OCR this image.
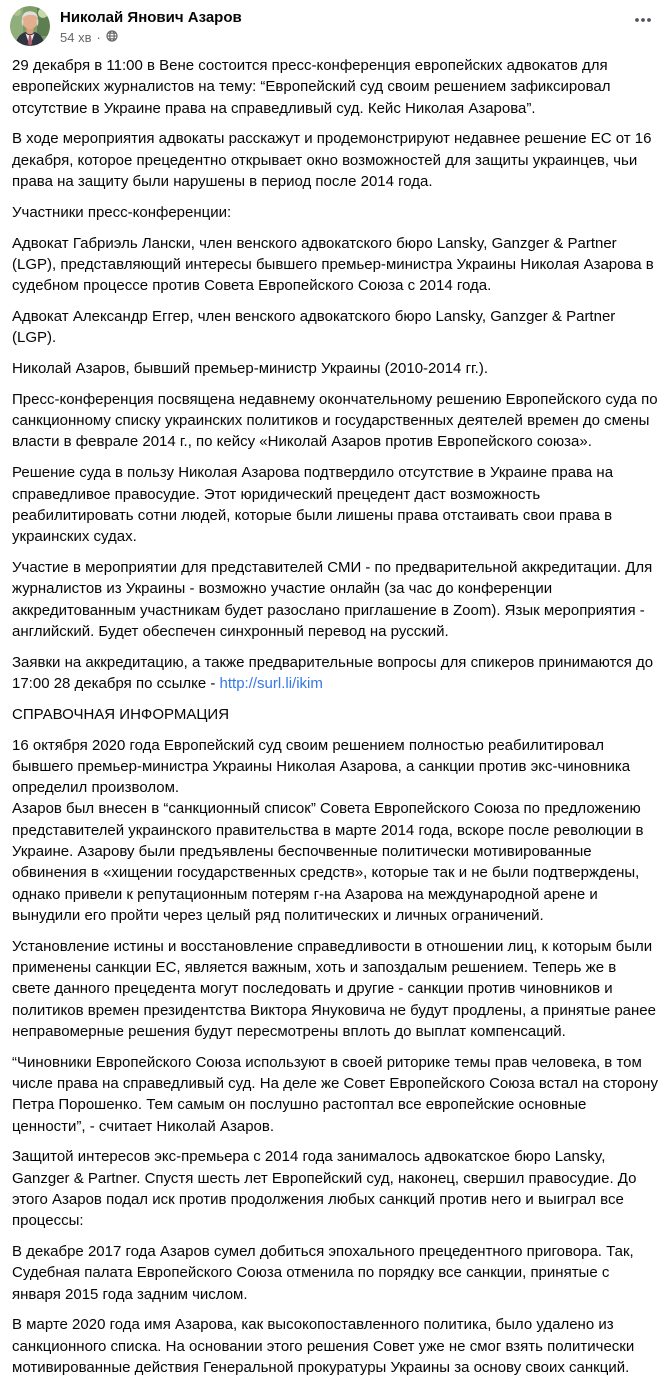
Николай Янович Азаров
54 хв ·

29 декабря в 11:00 в Вене состоится пресс-конференция европейских адвокатов для европейских журналистов на тему: “Европейский суд своим решением зафиксировал отсутствие в Украине права на справедливый суд. Кейс Николая Азарова”.

В ходе мероприятия адвокаты расскажут и продемонстрируют недавнее решение ЕС от 16 декабря, которое прецедентно открывает окно возможностей для защиты украинцев, чьи права на защиту были нарушены в период после 2014 года.

Участники пресс-конференции:

Адвокат Габриэль Лански, член венского адвокатского бюро Lansky, Ganzger & Partner (LGP), представляющий интересы бывшего премьер-министра Украины Николая Азарова в судебном процессе против Совета Европейского Союза с 2014 года.

Адвокат Александр Еггер, член венского адвокатского бюро Lansky, Ganzger & Partner (LGP).

Николай Азаров, бывший премьер-министр Украины (2010-2014 гг.).

Пресс-конференция посвящена недавнему окончательному решению Европейского суда по санкционному списку украинских политиков и государственных деятелей времен до смены власти в феврале 2014 г., по кейсу «Николай Азаров против Европейского союза».

Решение суда в пользу Николая Азарова подтвердило отсутствие в Украине права на справедливое правосудие. Этот юридический прецедент даст возможность реабилитировать сотни людей, которые были лишены права отстаивать свои права в украинских судах.

Участие в мероприятии для представителей СМИ - по предварительной аккредитации. Для журналистов из Украины - возможно участие онлайн (за час до конференции аккредитованным участникам будет разослано приглашение в Zoom). Язык мероприятия - английский. Будет обеспечен синхронный перевод на русский.

Заявки на аккредитацию, а также предварительные вопросы для спикеров принимаются до 17:00 28 декабря по ссылке - http://surl.li/ikim

СПРАВОЧНАЯ ИНФОРМАЦИЯ

16 октября 2020 года Европейский суд своим решением полностью реабилитировал бывшего премьер-министра Украины Николая Азарова, а санкции против экс-чиновника определил произволом.
Азаров был внесен в “санкционный список” Совета Европейского Союза по предложению представителей украинского правительства в марте 2014 года, вскоре после революции в Украине. Азарову были предъявлены беспочвенные политически мотивированные обвинения в «хищении государственных средств», которые так и не были подтверждены, однако привели к репутационным потерям г-на Азарова на международной арене и вынудили его пройти через целый ряд политических и личных ограничений.

Установление истины и восстановление справедливости в отношении лиц, к которым были применены санкции ЕС, является важным, хоть и запоздалым решением. Теперь же в свете данного прецедента могут последовать и другие - санкции против чиновников и политиков времен президентства Виктора Януковича не будут продлены, а принятые ранее неправомерные решения будут пересмотрены вплоть до выплат компенсаций.

“Чиновники Европейского Союза используют в своей риторике темы прав человека, в том числе права на справедливый суд. На деле же Совет Европейского Союза встал на сторону Петра Порошенко. Тем самым он послушно растоптал все европейские основные ценности”, - считает Николай Азаров.

Защитой интересов экс-премьера с 2014 года занималось адвокатское бюро Lansky, Ganzger & Partner. Спустя шесть лет Европейский суд, наконец, свершил правосудие. До этого Азаров подал иск против продолжения любых санкций против него и выиграл все процессы:

В декабре 2017 года Азаров сумел добиться эпохального прецедентного приговора. Так, Судебная палата Европейского Союза отменила по порядку все санкции, принятые с января 2015 года задним числом.

В марте 2020 года имя Азарова, как высокопоставленного политика, было удалено из санкционного списка. На основании этого решения Совет уже не смог взять политически мотивированные действия Генеральной прокуратуры Украины за основу своих санкций.
